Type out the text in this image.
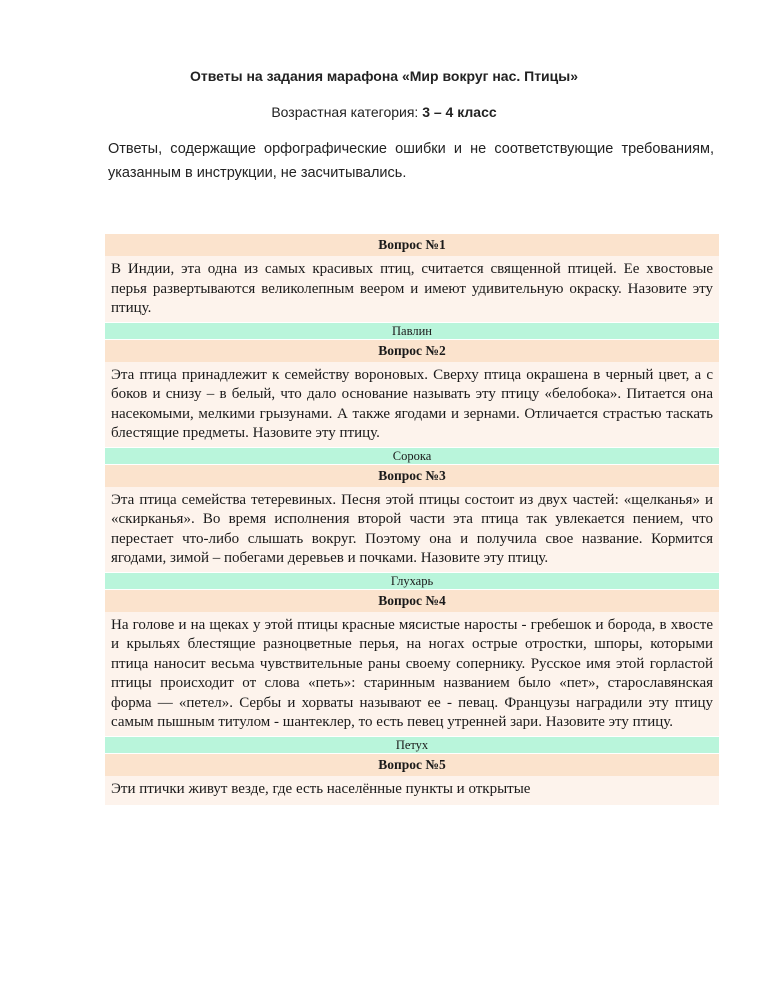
Ответы на задания марафона «Мир вокруг нас. Птицы»
Возрастная категория: 3 – 4 класс
Ответы, содержащие орфографические ошибки и не соответствующие требованиям, указанным в инструкции, не засчитывались.
Вопрос №1
В Индии, эта одна из самых красивых птиц, считается священной птицей. Ее хвостовые перья развертываются великолепным веером и имеют удивительную окраску. Назовите эту птицу.
Павлин
Вопрос №2
Эта птица принадлежит к семейству вороновых. Сверху птица окрашена в черный цвет, а с боков и снизу – в белый, что дало основание называть эту птицу «белобока». Питается она насекомыми, мелкими грызунами. А также ягодами и зернами. Отличается страстью таскать блестящие предметы. Назовите эту птицу.
Сорока
Вопрос №3
Эта птица семейства тетеревиных. Песня этой птицы состоит из двух частей: «щелканья» и «скирканья». Во время исполнения второй части эта птица так увлекается пением, что перестает что-либо слышать вокруг. Поэтому она и получила свое название. Кормится ягодами, зимой – побегами деревьев и почками. Назовите эту птицу.
Глухарь
Вопрос №4
На голове и на щеках у этой птицы красные мясистые наросты - гребешок и борода, в хвосте и крыльях блестящие разноцветные перья, на ногах острые отростки, шпоры, которыми птица наносит весьма чувствительные раны своему сопернику. Русское имя этой горластой птицы происходит от слова «петь»: старинным названием было «пет», старославянская форма — «петел». Сербы и хорваты называют ее - певац. Французы наградили эту птицу самым пышным титулом - шантеклер, то есть певец утренней зари. Назовите эту птицу.
Петух
Вопрос №5
Эти птички живут везде, где есть населённые пункты и открытые
